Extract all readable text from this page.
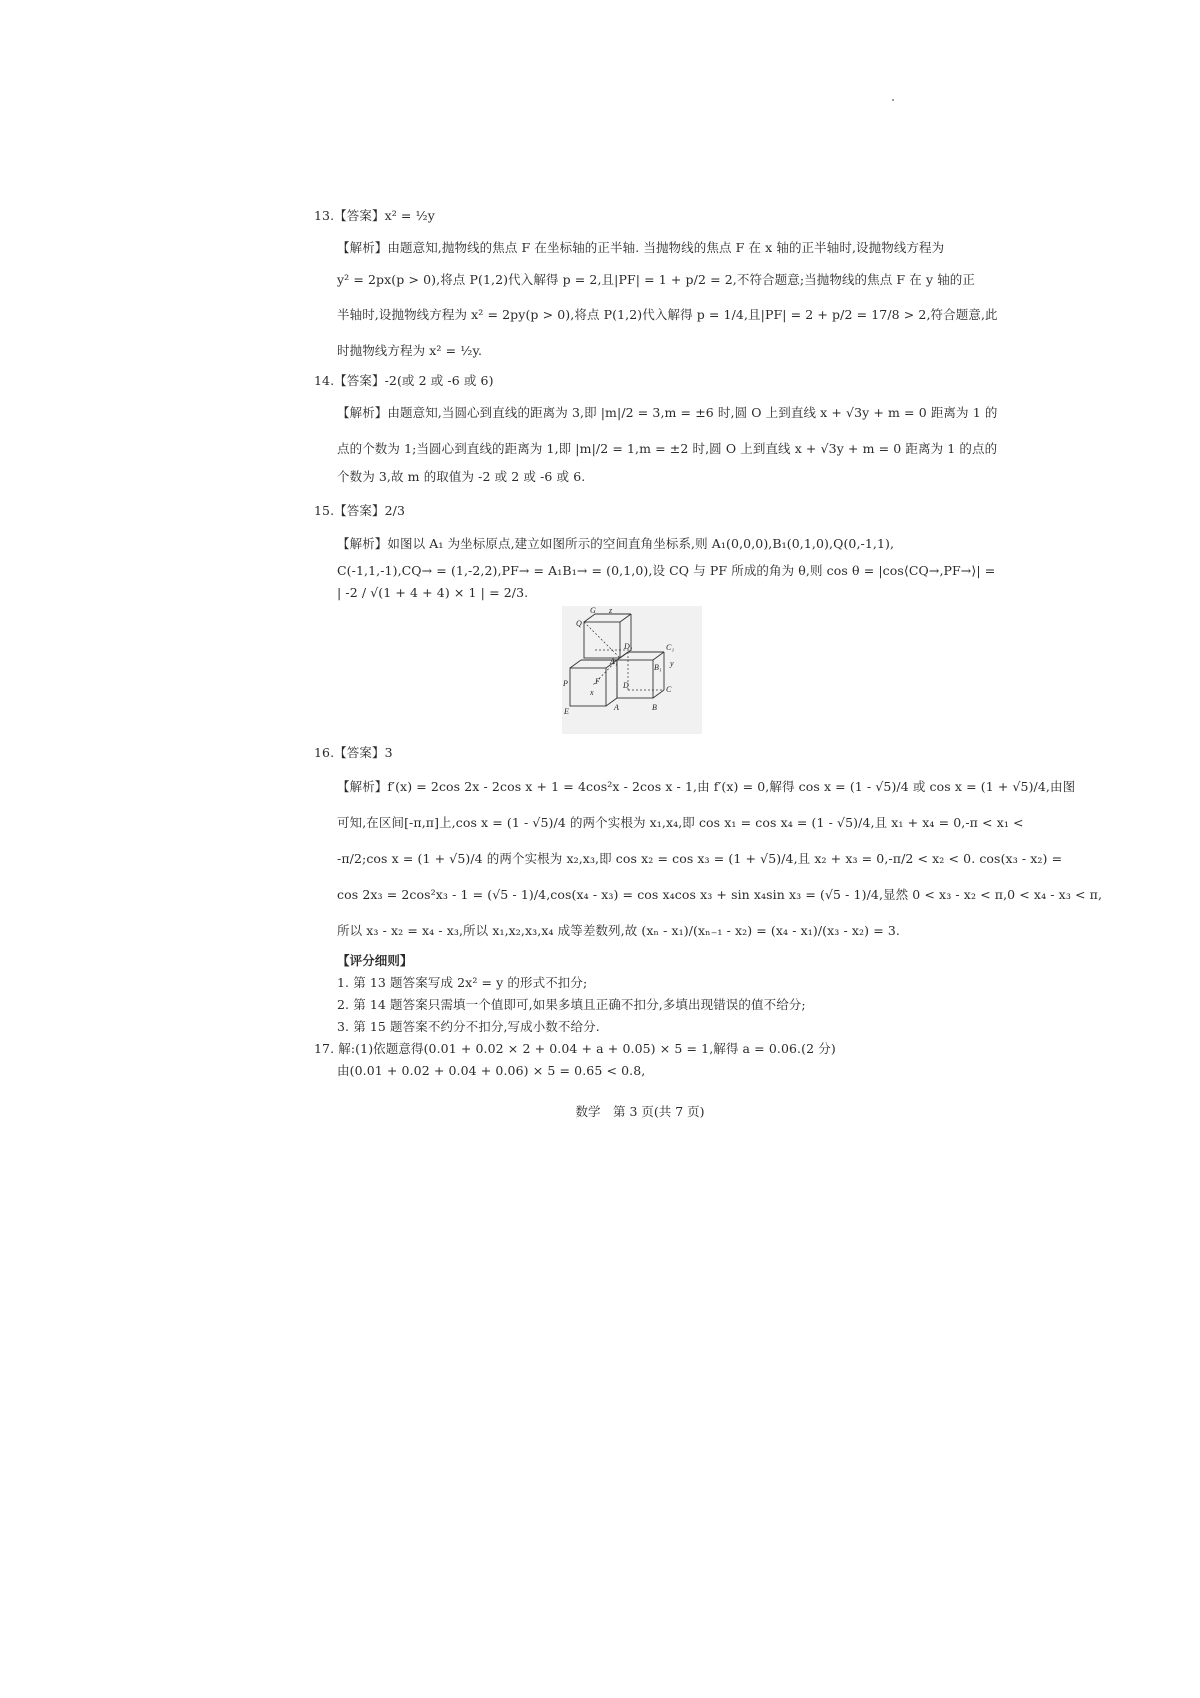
13.【答案】x² = ½y
【解析】由题意知,抛物线的焦点 F 在坐标轴的正半轴. 当抛物线的焦点 F 在 x 轴的正半轴时,设抛物线方程为
y² = 2px(p > 0),将点 P(1,2)代入解得 p = 2,且|PF| = 1 + p/2 = 2,不符合题意;当抛物线的焦点 F 在 y 轴的正
半轴时,设抛物线方程为 x² = 2py(p > 0),将点 P(1,2)代入解得 p = 1/4,且|PF| = 2 + p/2 = 17/8 > 2,符合题意,此
时抛物线方程为 x² = ½y.
14.【答案】-2(或 2 或 -6 或 6)
【解析】由题意知,当圆心到直线的距离为 3,即 |m|/2 = 3,m = ±6 时,圆 O 上到直线 x + √3y + m = 0 距离为 1 的
点的个数为 1;当圆心到直线的距离为 1,即 |m|/2 = 1,m = ±2 时,圆 O 上到直线 x + √3y + m = 0 距离为 1 的点的
个数为 3,故 m 的取值为 -2 或 2 或 -6 或 6.
15.【答案】2/3
【解析】如图以 A₁ 为坐标原点,建立如图所示的空间直角坐标系,则 A₁(0,0,0),B₁(0,1,0),Q(0,-1,1),
C(-1,1,-1),CQ→ = (1,-2,2),PF→ = A₁B₁→ = (0,1,0),设 CQ 与 PF 所成的角为 θ,则 cos θ = |cos⟨CQ→,PF→⟩| =
| -2 / √(1 + 4 + 4) × 1 | = 2/3.
G z
Q
D₁	C₁
A₁
B₁ y
P	F
x
D	C
A	B
E
16.【答案】3
【解析】f′(x) = 2cos 2x - 2cos x + 1 = 4cos²x - 2cos x - 1,由 f′(x) = 0,解得 cos x = (1 - √5)/4 或 cos x = (1 + √5)/4,由图
可知,在区间[-π,π]上,cos x = (1 - √5)/4 的两个实根为 x₁,x₄,即 cos x₁ = cos x₄ = (1 - √5)/4,且 x₁ + x₄ = 0,-π < x₁ <
-π/2;cos x = (1 + √5)/4 的两个实根为 x₂,x₃,即 cos x₂ = cos x₃ = (1 + √5)/4,且 x₂ + x₃ = 0,-π/2 < x₂ < 0. cos(x₃ - x₂) =
cos 2x₃ = 2cos²x₃ - 1 = (√5 - 1)/4,cos(x₄ - x₃) = cos x₄cos x₃ + sin x₄sin x₃ = (√5 - 1)/4,显然 0 < x₃ - x₂ < π,0 < x₄ - x₃ < π,
所以 x₃ - x₂ = x₄ - x₃,所以 x₁,x₂,x₃,x₄ 成等差数列,故 (xₙ - x₁)/(xₙ₋₁ - x₂) = (x₄ - x₁)/(x₃ - x₂) = 3.
【评分细则】
1. 第 13 题答案写成 2x² = y 的形式不扣分;
2. 第 14 题答案只需填一个值即可,如果多填且正确不扣分,多填出现错误的值不给分;
3. 第 15 题答案不约分不扣分,写成小数不给分.
17. 解:(1)依题意得(0.01 + 0.02 × 2 + 0.04 + a + 0.05) × 5 = 1,解得 a = 0.06.(2 分)
由(0.01 + 0.02 + 0.04 + 0.06) × 5 = 0.65 < 0.8,
数学　第 3 页(共 7 页)
